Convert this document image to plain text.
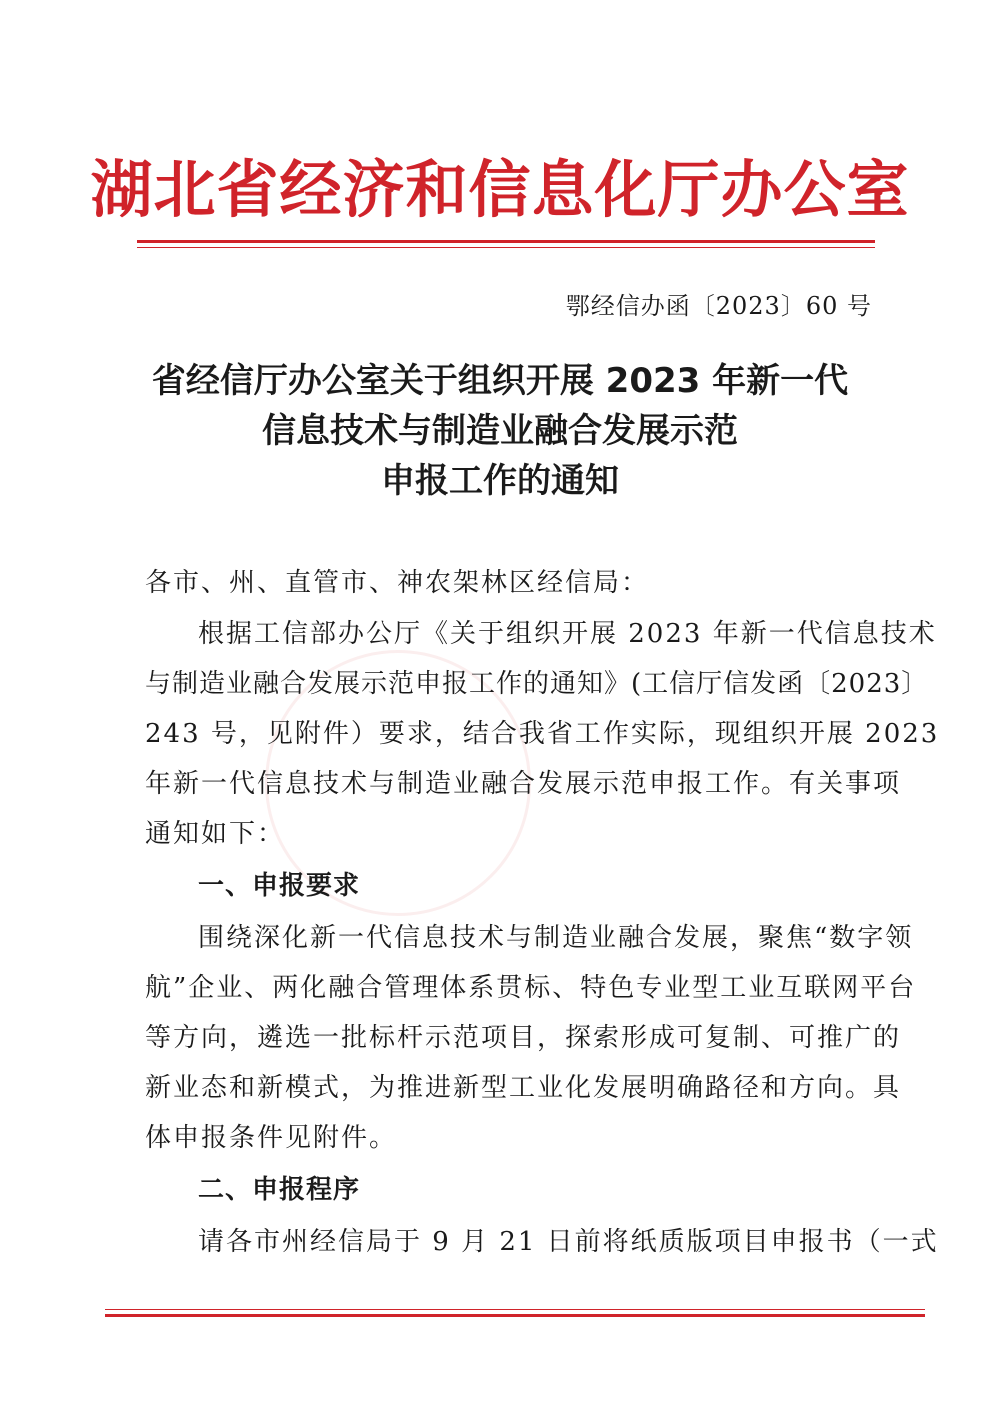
湖北省经济和信息化厅办公室
鄂经信办函〔2023〕60 号
省经信厅办公室关于组织开展 2023 年新一代
信息技术与制造业融合发展示范
申报工作的通知
各市、州、直管市、神农架林区经信局：
根据工信部办公厅《关于组织开展 2023 年新一代信息技术
与制造业融合发展示范申报工作的通知》(工信厅信发函〔2023〕
243 号，见附件）要求，结合我省工作实际，现组织开展 2023
年新一代信息技术与制造业融合发展示范申报工作。有关事项
通知如下：
一、申报要求
围绕深化新一代信息技术与制造业融合发展，聚焦“数字领
航”企业、两化融合管理体系贯标、特色专业型工业互联网平台
等方向，遴选一批标杆示范项目，探索形成可复制、可推广的
新业态和新模式，为推进新型工业化发展明确路径和方向。具
体申报条件见附件。
二、申报程序
请各市州经信局于 9 月 21 日前将纸质版项目申报书（一式
